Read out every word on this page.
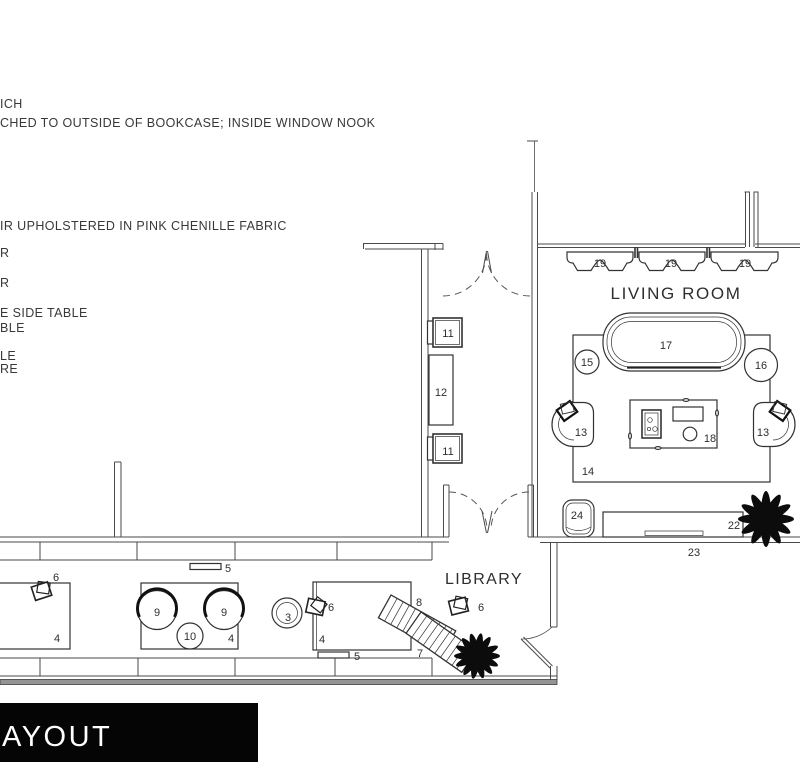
ICH
CHED TO OUTSIDE OF BOOKCASE; INSIDE WINDOW NOOK
IR UPHOLSTERED IN PINK CHENILLE FABRIC
R
R
E SIDE TABLE
BLE
LE
RE
LIVING ROOM
19	19	19
14
17
15	16
13	13
18
24
22
23
11
12
11
LIBRARY
4
6
5
9	9
10	4
3
4
6
5
8
7
6
AYOUT
